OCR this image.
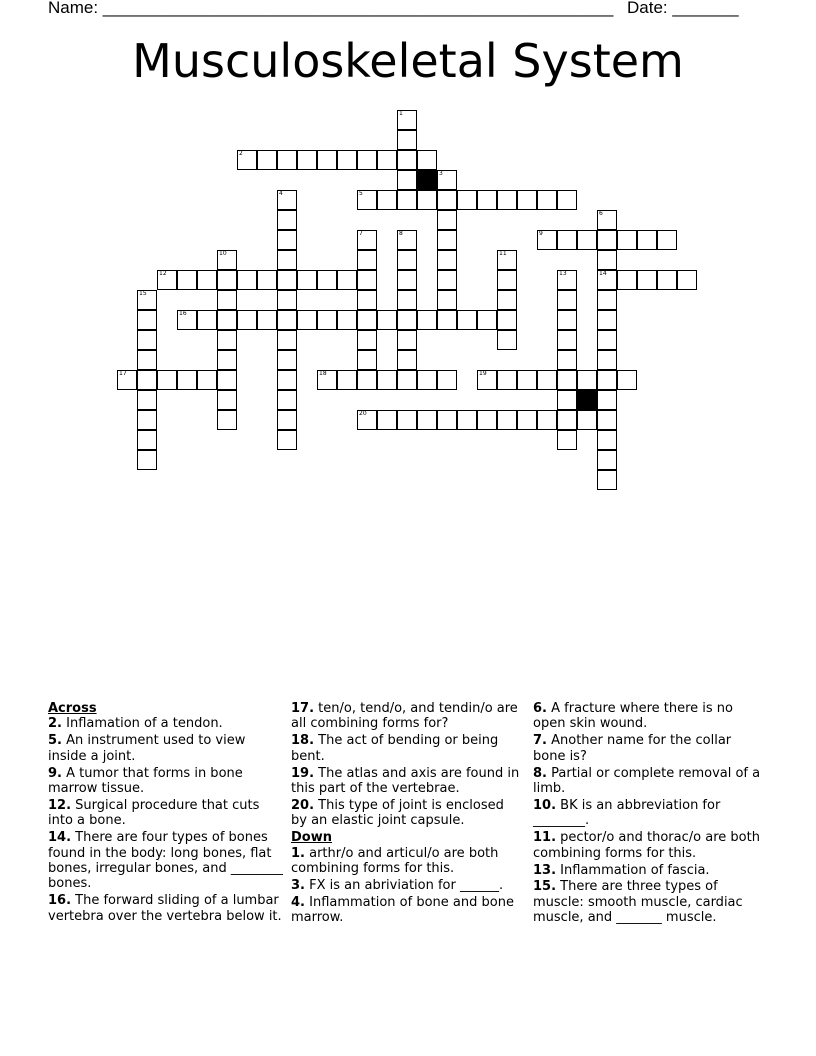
Name: ______________________________________________________ Date: _______
Musculoskeletal System
1
2
3
4	5
6
14
7	8	9
10	11
12	13
15
16
17	18	19
20
Across
2. Inflamation of a tendon.
5. An instrument used to view inside a joint.
9. A tumor that forms in bone marrow tissue.
12. Surgical procedure that cuts into a bone.
14. There are four types of bones found in the body: long bones, flat bones, irregular bones, and ________ bones.
16. The forward sliding of a lumbar vertebra over the vertebra below it.
17. ten/o, tend/o, and tendin/o are all combining forms for?
18. The act of bending or being bent.
19. The atlas and axis are found in this part of the vertebrae.
20. This type of joint is enclosed by an elastic joint capsule.
Down
1. arthr/o and articul/o are both combining forms for this.
3. FX is an abriviation for ______.
4. Inflammation of bone and bone marrow.
6. A fracture where there is no open skin wound.
7. Another name for the collar bone is?
8. Partial or complete removal of a limb.
10. BK is an abbreviation for ________.
11. pector/o and thorac/o are both combining forms for this.
13. Inflammation of fascia.
15. There are three types of muscle: smooth muscle, cardiac muscle, and _______ muscle.
